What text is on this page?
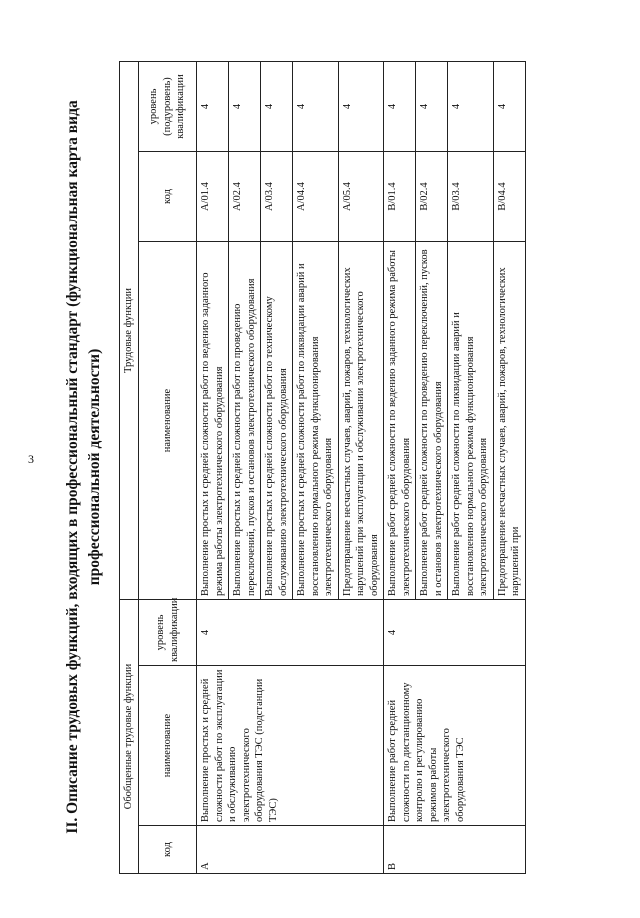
3 II. Описание трудовых функций, входящих в профессиональный стандарт (функциональная карта вида профессиональной деятельности)
Обобщенные трудовые функции			Трудовые функции		
код	наименование	уровень квалификации	наименование	код	уровень (подуровень) квалификации
A	Выполнение простых и средней сложности работ по эксплуатации и обслуживанию электротехнического оборудования ТЭС (подстанции ТЭС)	4	Выполнение простых и средней сложности работ по ведению заданного режима работы электротехнического оборудования	A/01.4	4
			Выполнение простых и средней сложности работ по проведению переключений, пусков и остановов электротехнического оборудования	A/02.4	4
			Выполнение простых и средней сложности работ по техническому обслуживанию электротехнического оборудования	A/03.4	4
			Выполнение простых и средней сложности работ по ликвидации аварий и восстановлению нормального режима функционирования электротехнического оборудования	A/04.4	4
			Предотвращение несчастных случаев, аварий, пожаров, технологических нарушений при эксплуатации и обслуживании электротехнического оборудования	A/05.4	4
B	Выполнение работ средней сложности по дистанционному контролю и регулированию режимов работы электротехнического оборудования ТЭС	4	Выполнение работ средней сложности по ведению заданного режима работы электротехнического оборудования	B/01.4	4
			Выполнение работ средней сложности по проведению переключений, пусков и остановов электротехнического оборудования	B/02.4	4
			Выполнение работ средней сложности по ликвидации аварий и восстановлению нормального режима функционирования электротехнического оборудования	B/03.4	4
			Предотвращение несчастных случаев, аварий, пожаров, технологических нарушений при	B/04.4	4
